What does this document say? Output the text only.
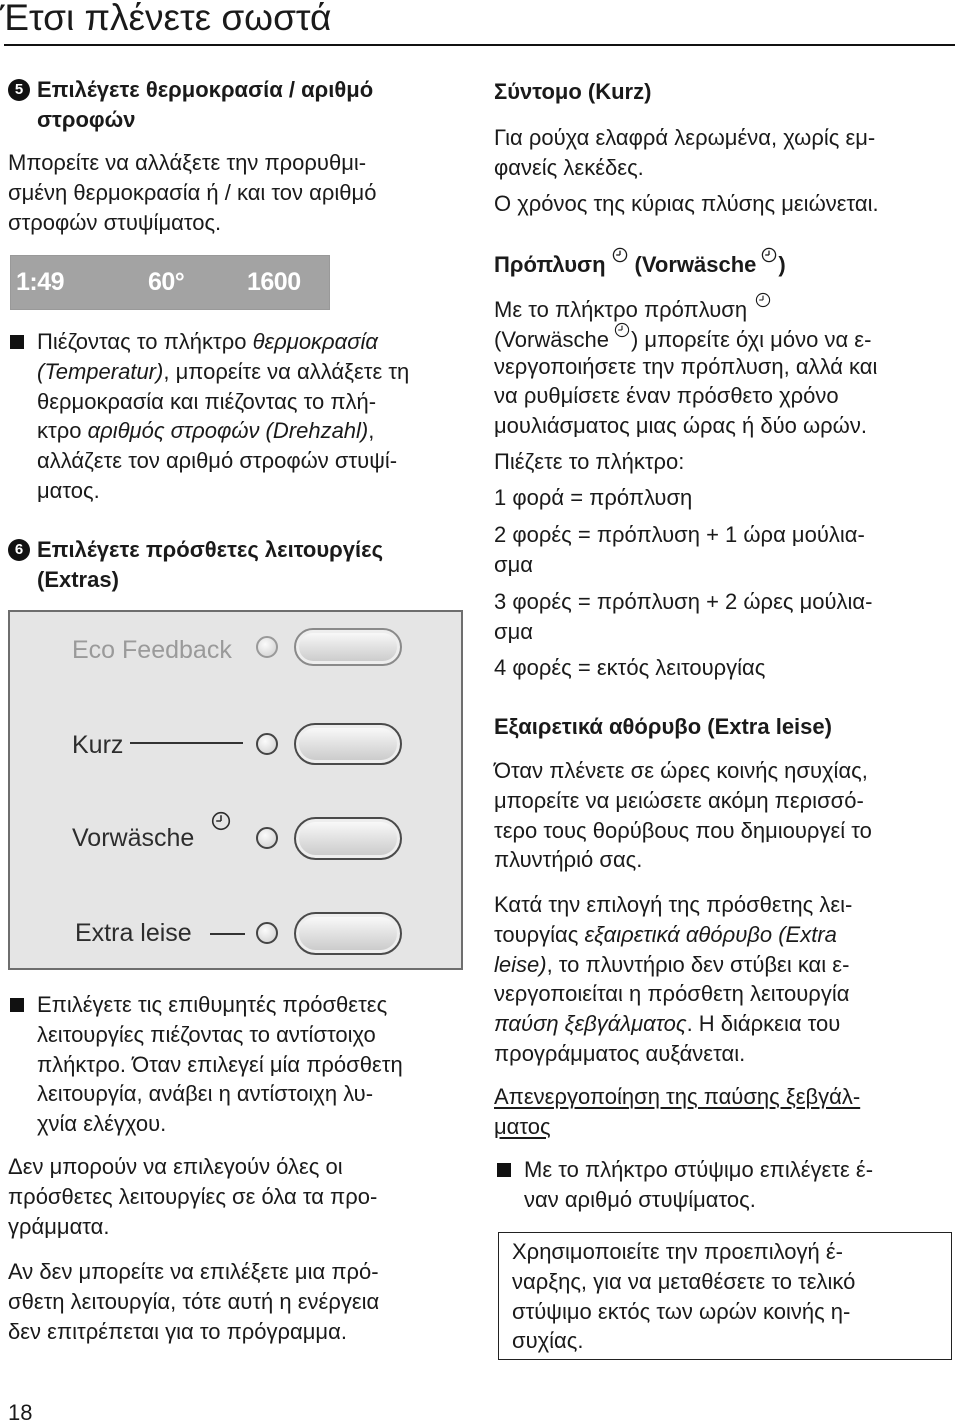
Έτσι πλένετε σωστά
5 Επιλέγετε θερμοκρασία / αριθμό
στροφών
Μπορείτε να αλλάξετε την προρυθμι-
σμένη θερμοκρασία ή / και τον αριθμό
στροφών στυψίματος.
1:49	60°	1600
Πιέζοντας το πλήκτρο θερμοκρασία
(Temperatur), μπορείτε να αλλάξετε τη
θερμοκρασία και πιέζοντας το πλή-
κτρο αριθμός στροφών (Drehzahl),
αλλάζετε τον αριθμό στροφών στυψί-
ματος.
6 Επιλέγετε πρόσθετες λειτουργίες
(Extras)
Eco Feedback
Kurz
Vorwäsche
Extra leise
Επιλέγετε τις επιθυμητές πρόσθετες
λειτουργίες πιέζοντας το αντίστοιχο
πλήκτρο. Όταν επιλεγεί μία πρόσθετη
λειτουργία, ανάβει η αντίστοιχη λυ-
χνία ελέγχου.
Δεν μπορούν να επιλεγούν όλες οι
πρόσθετες λειτουργίες σε όλα τα προ-
γράμματα.
Αν δεν μπορείτε να επιλέξετε μια πρό-
σθετη λειτουργία, τότε αυτή η ενέργεια
δεν επιτρέπεται για το πρόγραμμα.
18
Σύντομο (Kurz)
Για ρούχα ελαφρά λερωμένα, χωρίς εμ-
φανείς λεκέδες.
Ο χρόνος της κύριας πλύσης μειώνεται.
Πρόπλυση (Vorwäsche )
Με το πλήκτρο πρόπλυση
(Vorwäsche ) μπορείτε όχι μόνο να ε-
νεργοποιήσετε την πρόπλυση, αλλά και
να ρυθμίσετε έναν πρόσθετο χρόνο
μουλιάσματος μιας ώρας ή δύο ωρών.
Πιέζετε το πλήκτρο:
1 φορά = πρόπλυση
2 φορές = πρόπλυση + 1 ώρα μούλια-
σμα
3 φορές = πρόπλυση + 2 ώρες μούλια-
σμα
4 φορές = εκτός λειτουργίας
Εξαιρετικά αθόρυβο (Extra leise)
Όταν πλένετε σε ώρες κοινής ησυχίας,
μπορείτε να μειώσετε ακόμη περισσό-
τερο τους θορύβους που δημιουργεί το
πλυντήριό σας.
Κατά την επιλογή της πρόσθετης λει-
τουργίας εξαιρετικά αθόρυβο (Extra
leise), το πλυντήριο δεν στύβει και ε-
νεργοποιείται η πρόσθετη λειτουργία
παύση ξεβγάλματος. Η διάρκεια του
προγράμματος αυξάνεται.
Απενεργοποίηση της παύσης ξεβγάλ-
ματος
Με το πλήκτρο στύψιμο επιλέγετε έ-
ναν αριθμό στυψίματος.
Χρησιμοποιείτε την προεπιλογή έ-
ναρξης, για να μεταθέσετε το τελικό
στύψιμο εκτός των ωρών κοινής η-
συχίας.
